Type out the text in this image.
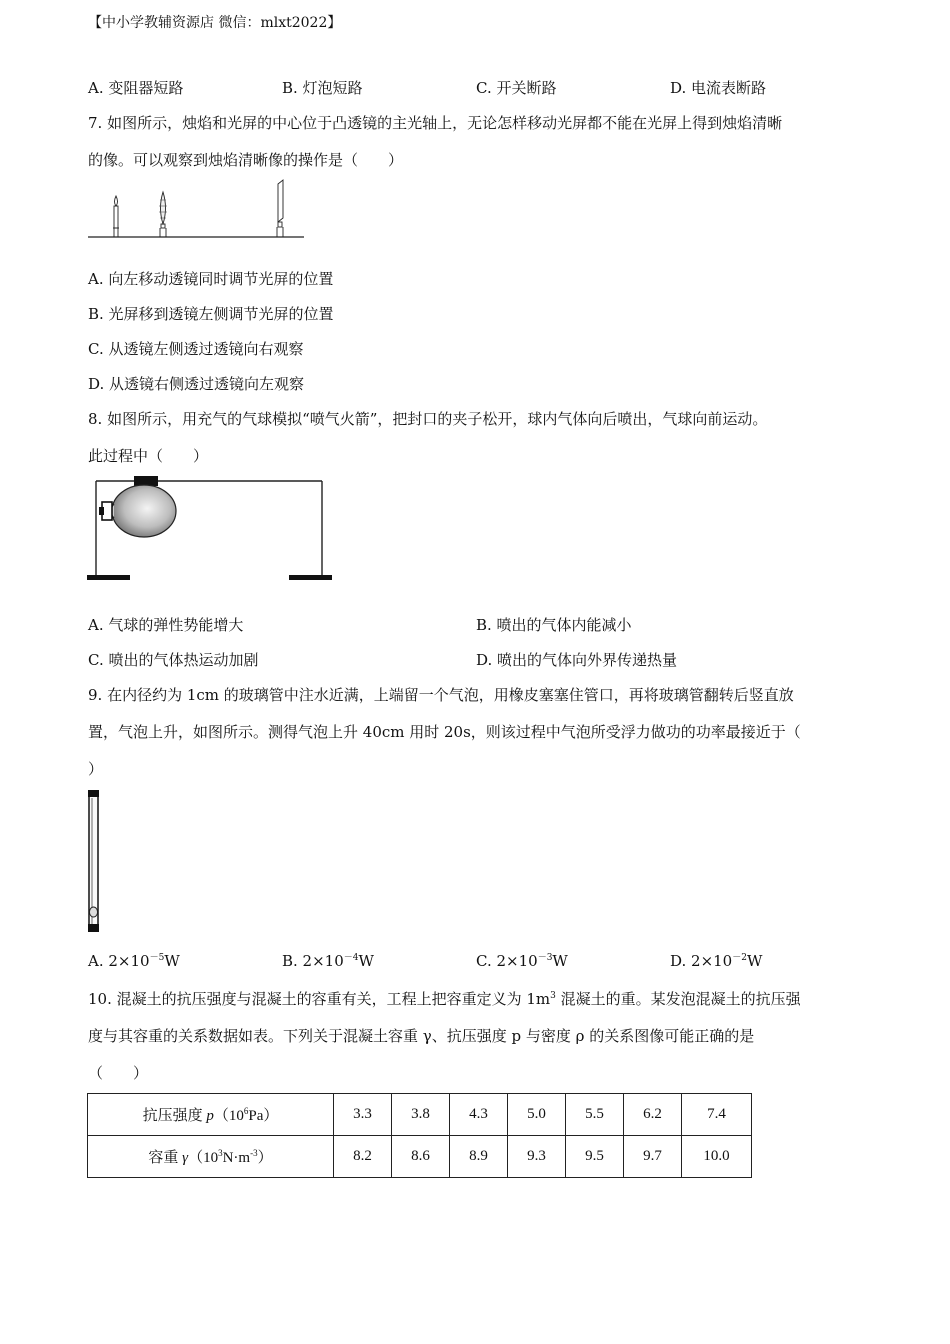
【中小学教辅资源店 微信：mlxt2022】
A. 变阻器短路	B. 灯泡短路	C. 开关断路	D. 电流表断路
7. 如图所示，烛焰和光屏的中心位于凸透镜的主光轴上，无论怎样移动光屏都不能在光屏上得到烛焰清晰
的像。可以观察到烛焰清晰像的操作是（　　）
A. 向左移动透镜同时调节光屏的位置
B. 光屏移到透镜左侧调节光屏的位置
C. 从透镜左侧透过透镜向右观察
D. 从透镜右侧透过透镜向左观察
8. 如图所示，用充气的气球模拟“喷气火箭”，把封口的夹子松开，球内气体向后喷出，气球向前运动。
此过程中（　　）
A. 气球的弹性势能增大	B. 喷出的气体内能减小
C. 喷出的气体热运动加剧	D. 喷出的气体向外界传递热量
9. 在内径约为 1cm 的玻璃管中注水近满，上端留一个气泡，用橡皮塞塞住管口，再将玻璃管翻转后竖直放
置，气泡上升，如图所示。测得气泡上升 40cm 用时 20s，则该过程中气泡所受浮力做功的功率最接近于（
）
A. $2\times 10^{-5}W$	B. $2\times 10^{-4}W$	C. $2\times 10^{-3}W$	D. $2\times 10^{-2}W$
10. 混凝土的抗压强度与混凝土的容重有关，工程上把容重定义为 $1m^3$ 混凝土的重。某发泡混凝土的抗压强
度与其容重的关系数据如表。下列关于混凝土容重 γ、抗压强度 p 与密度 ρ 的关系图像可能正确的是
（　　）
抗压强度 $p(10^6Pa)$	3.3	3.8	4.3	5.0	5.5	6.2	7.4
容重 $\gamma(10^3N\cdot m^{-3})$	8.2	8.6	8.9	9.3	9.5	9.7	10.0
